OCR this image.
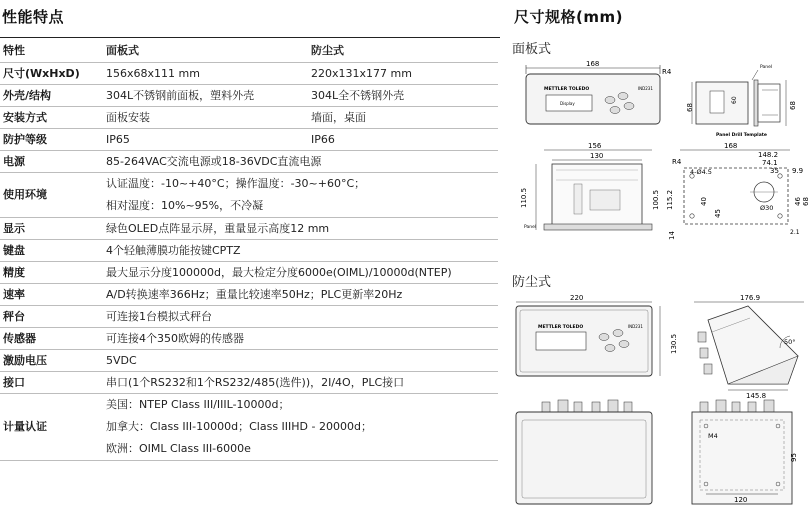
性能特点
特性	面板式	防尘式
尺寸(WxHxD)	156x68x111 mm	220x131x177 mm
外壳/结构	304L不锈钢前面板，塑料外壳	304L全不锈钢外壳
安装方式	面板安装	墙面，桌面
防护等级	IP65	IP66
电源	85-264VAC交流电源或18-36VDC直流电源	
使用环境	认证温度：-10~+40°C；操作温度：-30~+60°C；
相对湿度：10%~95%，不冷凝	

显示	绿色OLED点阵显示屏，重量显示高度12 mm	
键盘	4个轻触薄膜功能按键CPTZ	
精度	最大显示分度100000d，最大检定分度6000e(OIML)/10000d(NTEP)	
速率	A/D转换速率366Hz；重量比较速率50Hz；PLC更新率20Hz	
秤台	可连接1台模拟式秤台	
传感器	可连接4个350欧姆的传感器	
激励电压	5VDC	
接口	串口(1个RS232和1个RS232/485(选件))，2I/4O，PLC接口	
计量认证	美国：NTEP Class III/IIIL-10000d；
加拿大：Class III-10000d；Class IIIHD - 20000d；
欧洲：OIML Class III-6000e	
尺寸规格(mm)
面板式
防尘式
168
R4
METTLER TOLEDO	IND231
Display
Panel
68
60
68
Panel Drill Template
156
130
110.5	100.5 115.2
14
Panel
168
148.2
74.1
35 9.9
R4
4-Ø4.5
Ø30
40
45
46 68
2.1
220
METTLER TOLEDO	IND231
130.5
176.9
50°
145.8
M4
120
95
